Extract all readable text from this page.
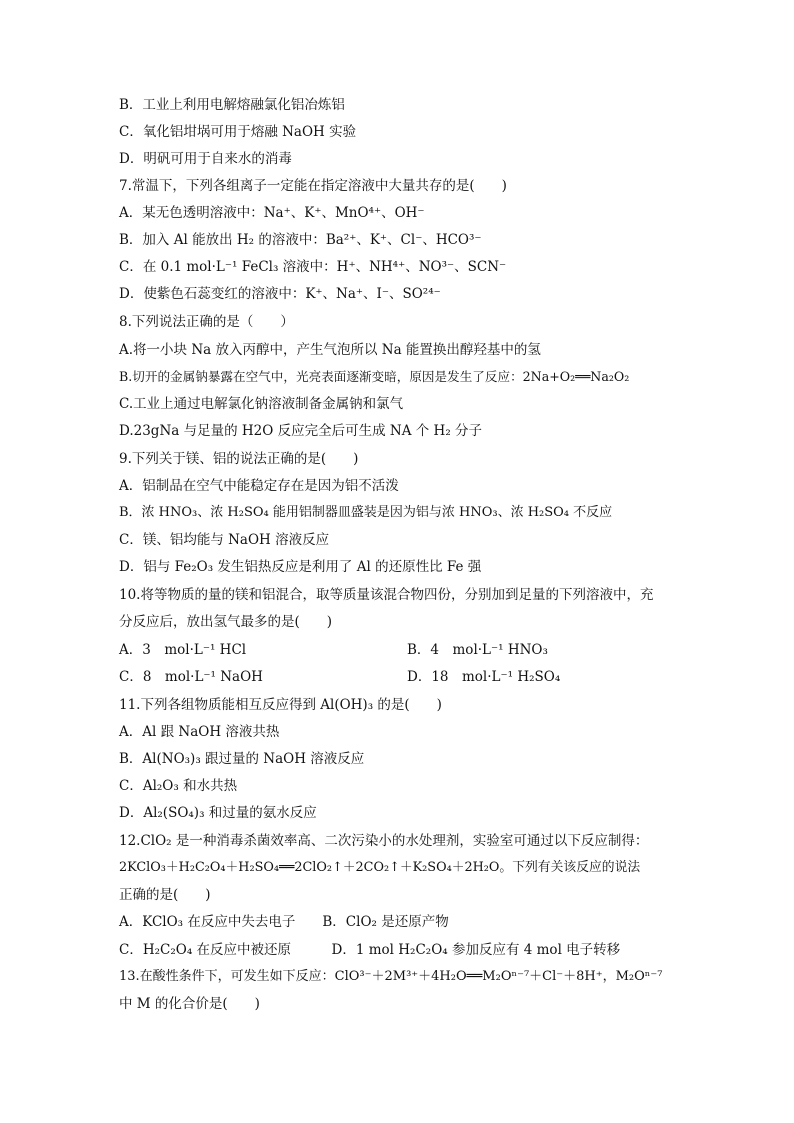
B．工业上利用电解熔融氯化铝冶炼铝
C．氧化铝坩埚可用于熔融 NaOH 实验
D．明矾可用于自来水的消毒
7.常温下，下列各组离子一定能在指定溶液中大量共存的是(　　)
A．某无色透明溶液中：Na⁺、K⁺、MnO⁴⁺、OH⁻
B．加入 Al 能放出 H₂ 的溶液中：Ba²⁺、K⁺、Cl⁻、HCO³⁻
C．在 0.1 mol·L⁻¹ FeCl₃ 溶液中：H⁺、NH⁴⁺、NO³⁻、SCN⁻
D．使紫色石蕊变红的溶液中：K⁺、Na⁺、I⁻、SO²⁴⁻
8.下列说法正确的是（　　）
A.将一小块 Na 放入丙醇中，产生气泡所以 Na 能置换出醇羟基中的氢
B.切开的金属钠暴露在空气中，光亮表面逐渐变暗，原因是发生了反应：2Na+O₂══Na₂O₂
C.工业上通过电解氯化钠溶液制备金属钠和氯气
D.23gNa 与足量的 H2O 反应完全后可生成 NA 个 H₂ 分子
9.下列关于镁、铝的说法正确的是(　　)
A．铝制品在空气中能稳定存在是因为铝不活泼
B．浓 HNO₃、浓 H₂SO₄ 能用铝制器皿盛装是因为铝与浓 HNO₃、浓 H₂SO₄ 不反应
C．镁、铝均能与 NaOH 溶液反应
D．铝与 Fe₂O₃ 发生铝热反应是利用了 Al 的还原性比 Fe 强
10.将等物质的量的镁和铝混合，取等质量该混合物四份，分别加到足量的下列溶液中，充
分反应后，放出氢气最多的是(　　)
A．3　mol·L⁻¹ HCl	B．4　mol·L⁻¹ HNO₃
C．8　mol·L⁻¹ NaOH	D．18　mol·L⁻¹ H₂SO₄
11.下列各组物质能相互反应得到 Al(OH)₃ 的是(　　)
A．Al 跟 NaOH 溶液共热
B．Al(NO₃)₃ 跟过量的 NaOH 溶液反应
C．Al₂O₃ 和水共热
D．Al₂(SO₄)₃ 和过量的氨水反应
12.ClO₂ 是一种消毒杀菌效率高、二次污染小的水处理剂，实验室可通过以下反应制得：
2KClO₃＋H₂C₂O₄＋H₂SO₄══2ClO₂↑＋2CO₂↑＋K₂SO₄＋2H₂O。下列有关该反应的说法
正确的是(　　)
A．KClO₃ 在反应中失去电子　　B．ClO₂ 是还原产物
C．H₂C₂O₄ 在反应中被还原　　　D．1 mol H₂C₂O₄ 参加反应有 4 mol 电子转移
13.在酸性条件下，可发生如下反应：ClO³⁻＋2M³⁺＋4H₂O══M₂Oⁿ⁻⁷＋Cl⁻＋8H⁺，M₂Oⁿ⁻⁷
中 M 的化合价是(　　)
